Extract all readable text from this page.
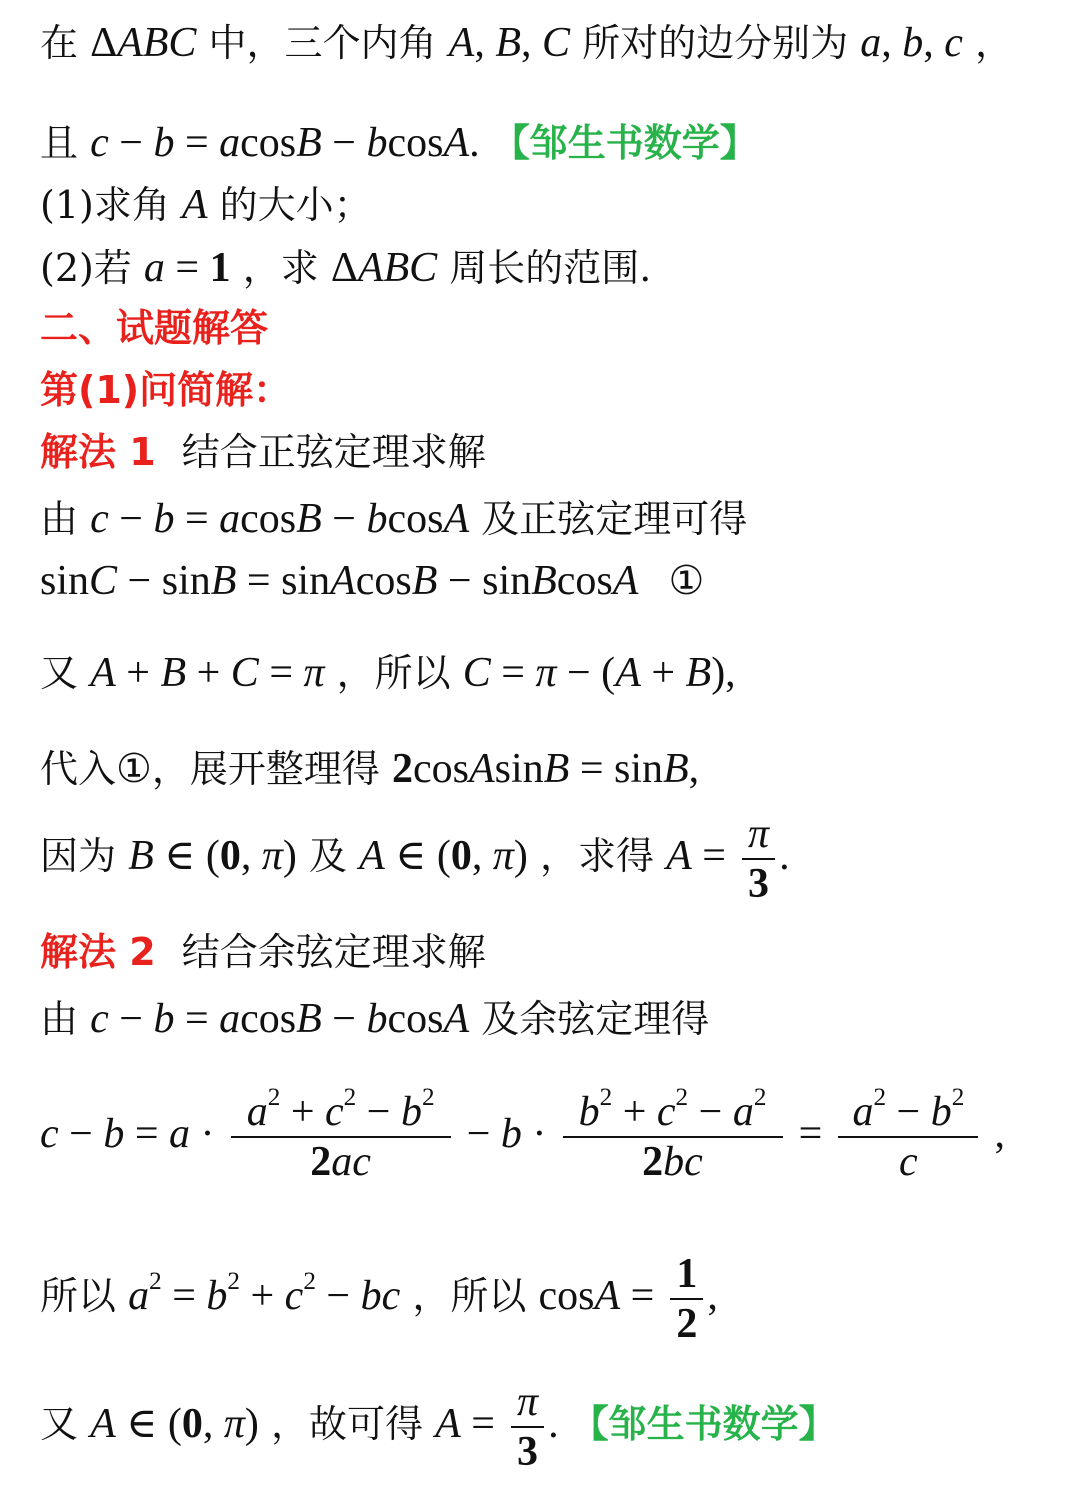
在 ΔABC 中，三个内角 A, B, C 所对的边分别为 a, b, c ，
且 c − b = acosB − bcosA. 【邹生书数学】
(1)求角 A 的大小；
(2)若 a = 1 ，求 ΔABC 周长的范围.
二、试题解答
第(1)问简解：
解法 1 结合正弦定理求解
由 c − b = acosB − bcosA 及正弦定理可得
sinC − sinB = sinAcosB − sinBcosA ①
又 A + B + C = π ，所以 C = π − (A + B),
代入①，展开整理得 2cosAsinB = sinB,
因为 B ∈ (0, π) 及 A ∈ (0, π) ，求得 $A = \frac{\pi}{3}$ .
解法 2 结合余弦定理求解
由 c − b = acosB − bcosA 及余弦定理得
$c - b = a \cdot \frac{a^2 + c^2 - b^2}{2ac} - b \cdot \frac{b^2 + c^2 - a^2}{2bc} = \frac{a^2 - b^2}{c}$ ,
所以 $a^2 = b^2 + c^2$ − bc ，所以 $\cos A = \frac{1}{2}$ ,
又 A ∈ (0, π) ，故可得 $A = \frac{\pi}{3}$ . 【邹生书数学】
